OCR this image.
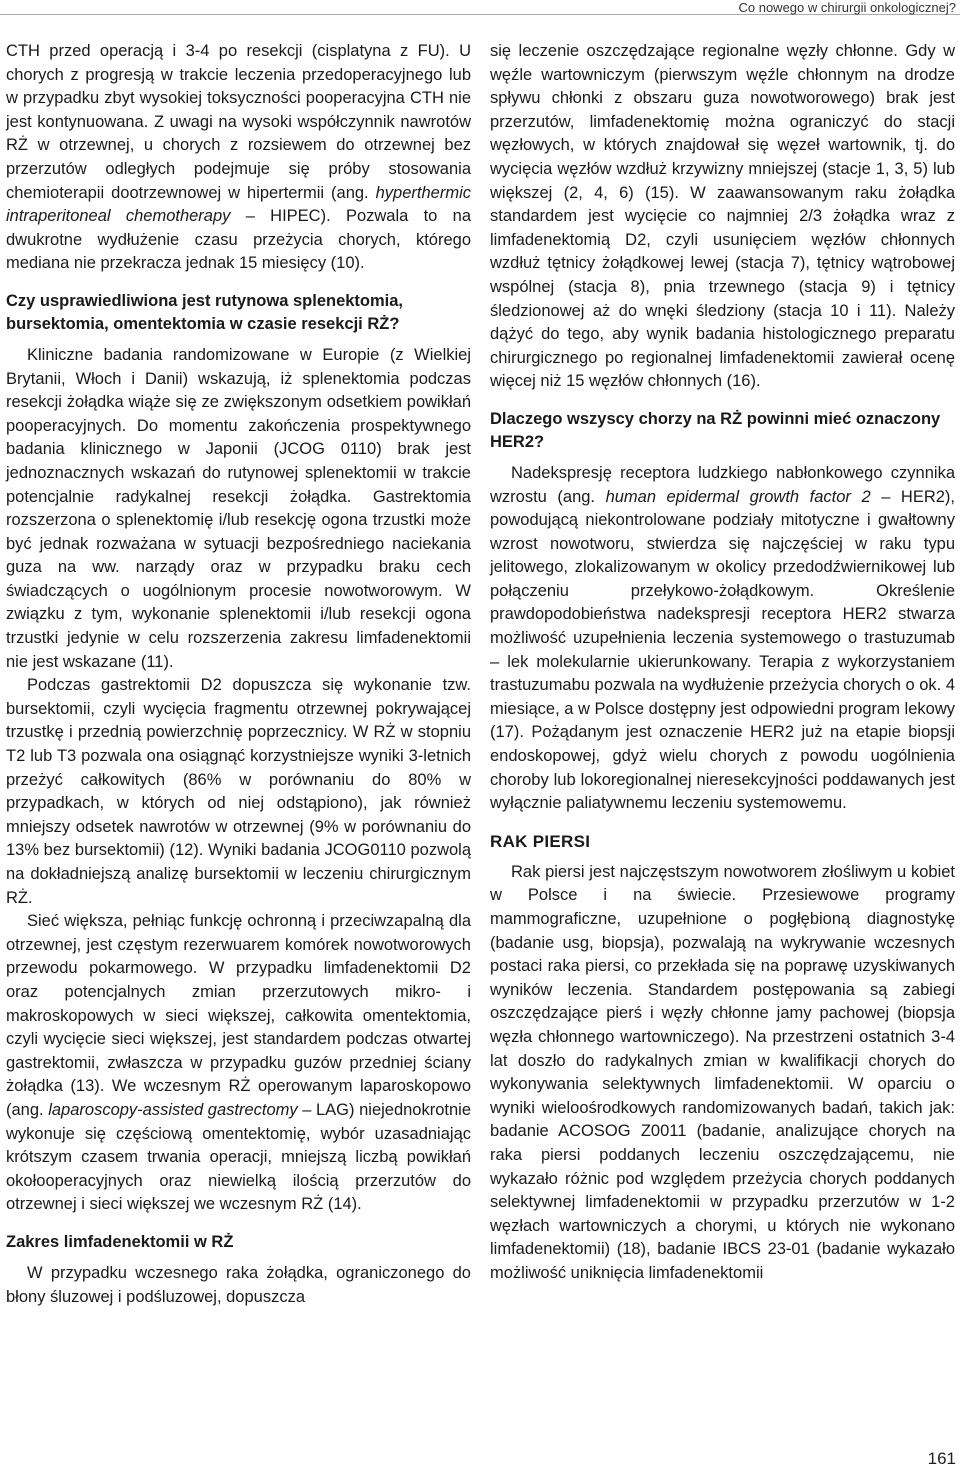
Co nowego w chirurgii onkologicznej?

CTH przed operacją i 3-4 po resekcji (cisplatyna z FU). U chorych z progresją w trakcie leczenia przedoperacyjnego lub w przypadku zbyt wysokiej toksyczności pooperacyjna CTH nie jest kontynuowana. Z uwagi na wysoki współczynnik nawrotów RŻ w otrzewnej, u chorych z rozsiewem do otrzewnej bez przerzutów odległych podejmuje się próby stosowania chemioterapii dootrzewnowej w hipertermii (ang. hyperthermic intraperitoneal chemotherapy – HIPEC). Pozwala to na dwukrotne wydłużenie czasu przeżycia chorych, którego mediana nie przekracza jednak 15 miesięcy (10).

Czy usprawiedliwiona jest rutynowa splenektomia, bursektomia, omentektomia w czasie resekcji RŻ?

Kliniczne badania randomizowane w Europie (z Wielkiej Brytanii, Włoch i Danii) wskazują, iż splenektomia podczas resekcji żołądka wiąże się ze zwiększonym odsetkiem powikłań pooperacyjnych. Do momentu zakończenia prospektywnego badania klinicznego w Japonii (JCOG 0110) brak jest jednoznacznych wskazań do rutynowej splenektomii w trakcie potencjalnie radykalnej resekcji żołądka. Gastrektomia rozszerzona o splenektomię i/lub resekcję ogona trzustki może być jednak rozważana w sytuacji bezpośredniego naciekania guza na ww. narządy oraz w przypadku braku cech świadczących o uogólnionym procesie nowotworowym. W związku z tym, wykonanie splenektomii i/lub resekcji ogona trzustki jedynie w celu rozszerzenia zakresu limfadenektomii nie jest wskazane (11).

Podczas gastrektomii D2 dopuszcza się wykonanie tzw. bursektomii, czyli wycięcia fragmentu otrzewnej pokrywającej trzustkę i przednią powierzchnię poprzecznicy. W RŻ w stopniu T2 lub T3 pozwala ona osiągnąć korzystniejsze wyniki 3-letnich przeżyć całkowitych (86% w porównaniu do 80% w przypadkach, w których od niej odstąpiono), jak również mniejszy odsetek nawrotów w otrzewnej (9% w porównaniu do 13% bez bursektomii) (12). Wyniki badania JCOG0110 pozwolą na dokładniejszą analizę bursektomii w leczeniu chirurgicznym RŻ.

Sieć większa, pełniąc funkcję ochronną i przeciwzapalną dla otrzewnej, jest częstym rezerwuarem komórek nowotworowych przewodu pokarmowego. W przypadku limfadenektomii D2 oraz potencjalnych zmian przerzutowych mikro- i makroskopowych w sieci większej, całkowita omentektomia, czyli wycięcie sieci większej, jest standardem podczas otwartej gastrektomii, zwłaszcza w przypadku guzów przedniej ściany żołądka (13). We wczesnym RŻ operowanym laparoskopowo (ang. laparoscopy-assisted gastrectomy – LAG) niejednokrotnie wykonuje się częściową omentektomię, wybór uzasadniając krótszym czasem trwania operacji, mniejszą liczbą powikłań okołooperacyjnych oraz niewielką ilością przerzutów do otrzewnej i sieci większej we wczesnym RŻ (14).

Zakres limfadenektomii w RŻ

W przypadku wczesnego raka żołądka, ograniczonego do błony śluzowej i podśluzowej, dopuszcza

się leczenie oszczędzające regionalne węzły chłonne. Gdy w węźle wartowniczym (pierwszym węźle chłonnym na drodze spływu chłonki z obszaru guza nowotworowego) brak jest przerzutów, limfadenektomię można ograniczyć do stacji węzłowych, w których znajdował się węzeł wartownik, tj. do wycięcia węzłów wzdłuż krzywizny mniejszej (stacje 1, 3, 5) lub większej (2, 4, 6) (15). W zaawansowanym raku żołądka standardem jest wycięcie co najmniej 2/3 żołądka wraz z limfadenektomią D2, czyli usunięciem węzłów chłonnych wzdłuż tętnicy żołądkowej lewej (stacja 7), tętnicy wątrobowej wspólnej (stacja 8), pnia trzewnego (stacja 9) i tętnicy śledzionowej aż do wnęki śledziony (stacja 10 i 11). Należy dążyć do tego, aby wynik badania histologicznego preparatu chirurgicznego po regionalnej limfadenektomii zawierał ocenę więcej niż 15 węzłów chłonnych (16).

Dlaczego wszyscy chorzy na RŻ powinni mieć oznaczony HER2?

Nadekspresję receptora ludzkiego nabłonkowego czynnika wzrostu (ang. human epidermal growth factor 2 – HER2), powodującą niekontrolowane podziały mitotyczne i gwałtowny wzrost nowotworu, stwierdza się najczęściej w raku typu jelitowego, zlokalizowanym w okolicy przedodźwiernikowej lub połączeniu przełykowo-żołądkowym. Określenie prawdopodobieństwa nadekspresji receptora HER2 stwarza możliwość uzupełnienia leczenia systemowego o trastuzumab – lek molekularnie ukierunkowany. Terapia z wykorzystaniem trastuzumabu pozwala na wydłużenie przeżycia chorych o ok. 4 miesiące, a w Polsce dostępny jest odpowiedni program lekowy (17). Pożądanym jest oznaczenie HER2 już na etapie biopsji endoskopowej, gdyż wielu chorych z powodu uogólnienia choroby lub lokoregionalnej nieresekcyjności poddawanych jest wyłącznie paliatywnemu leczeniu systemowemu.

RAK PIERSI

Rak piersi jest najczęstszym nowotworem złośliwym u kobiet w Polsce i na świecie. Przesiewowe programy mammograficzne, uzupełnione o pogłębioną diagnostykę (badanie usg, biopsja), pozwalają na wykrywanie wczesnych postaci raka piersi, co przekłada się na poprawę uzyskiwanych wyników leczenia. Standardem postępowania są zabiegi oszczędzające pierś i węzły chłonne jamy pachowej (biopsja węzła chłonnego wartowniczego). Na przestrzeni ostatnich 3-4 lat doszło do radykalnych zmian w kwalifikacji chorych do wykonywania selektywnych limfadenektomii. W oparciu o wyniki wieloośrodkowych randomizowanych badań, takich jak: badanie ACOSOG Z0011 (badanie, analizujące chorych na raka piersi poddanych leczeniu oszczędzającemu, nie wykazało różnic pod względem przeżycia chorych poddanych selektywnej limfadenektomii w przypadku przerzutów w 1-2 węzłach wartowniczych a chorymi, u których nie wykonano limfadenektomii) (18), badanie IBCS 23-01 (badanie wykazało możliwość uniknięcia limfadenektomii

161
